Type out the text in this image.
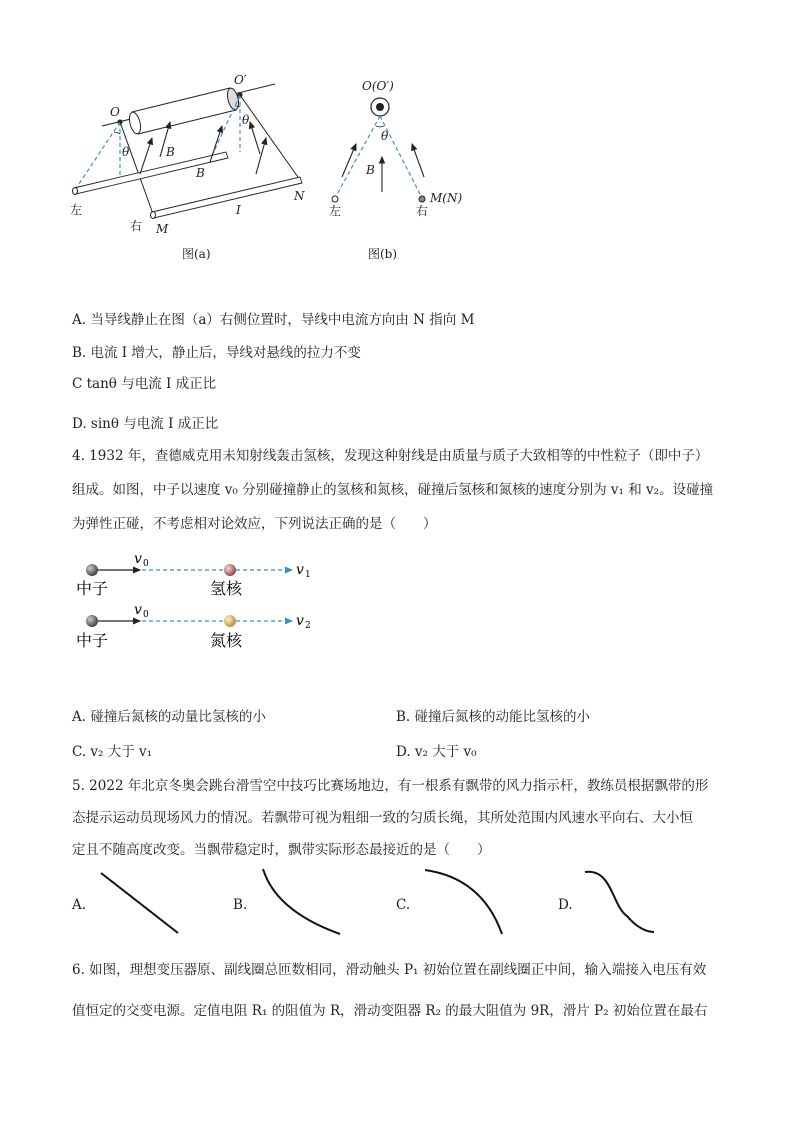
O
O′
θ
θ
B
B
I
N
M
左
右
图(a)
O(O′)
θ
B
左	右
M(N)
图(b)
A. 当导线静止在图（a）右侧位置时，导线中电流方向由 N 指向 M
B. 电流 I 增大，静止后，导线对悬线的拉力不变
C tanθ 与电流 I 成正比
D. sinθ 与电流 I 成正比
4. 1932 年，查德威克用未知射线轰击氢核，发现这种射线是由质量与质子大致相等的中性粒子（即中子）
组成。如图，中子以速度 v₀ 分别碰撞静止的氢核和氮核，碰撞后氢核和氮核的速度分别为 v₁ 和 v₂。设碰撞
为弹性正碰，不考虑相对论效应，下列说法正确的是（　　）
v 0	v 1
中子	氢核
v 0	v 2
中子	氮核
A. 碰撞后氮核的动量比氢核的小	B. 碰撞后氮核的动能比氢核的小
C. v₂ 大于 v₁	D. v₂ 大于 v₀
5. 2022 年北京冬奥会跳台滑雪空中技巧比赛场地边，有一根系有飘带的风力指示杆，教练员根据飘带的形
态提示运动员现场风力的情况。若飘带可视为粗细一致的匀质长绳，其所处范围内风速水平向右、大小恒
定且不随高度改变。当飘带稳定时，飘带实际形态最接近的是（　　）
A.	B.	C.	D.
6. 如图，理想变压器原、副线圈总匝数相同，滑动触头 P₁ 初始位置在副线圈正中间，输入端接入电压有效
值恒定的交变电源。定值电阻 R₁ 的阻值为 R，滑动变阻器 R₂ 的最大阻值为 9R，滑片 P₂ 初始位置在最右
